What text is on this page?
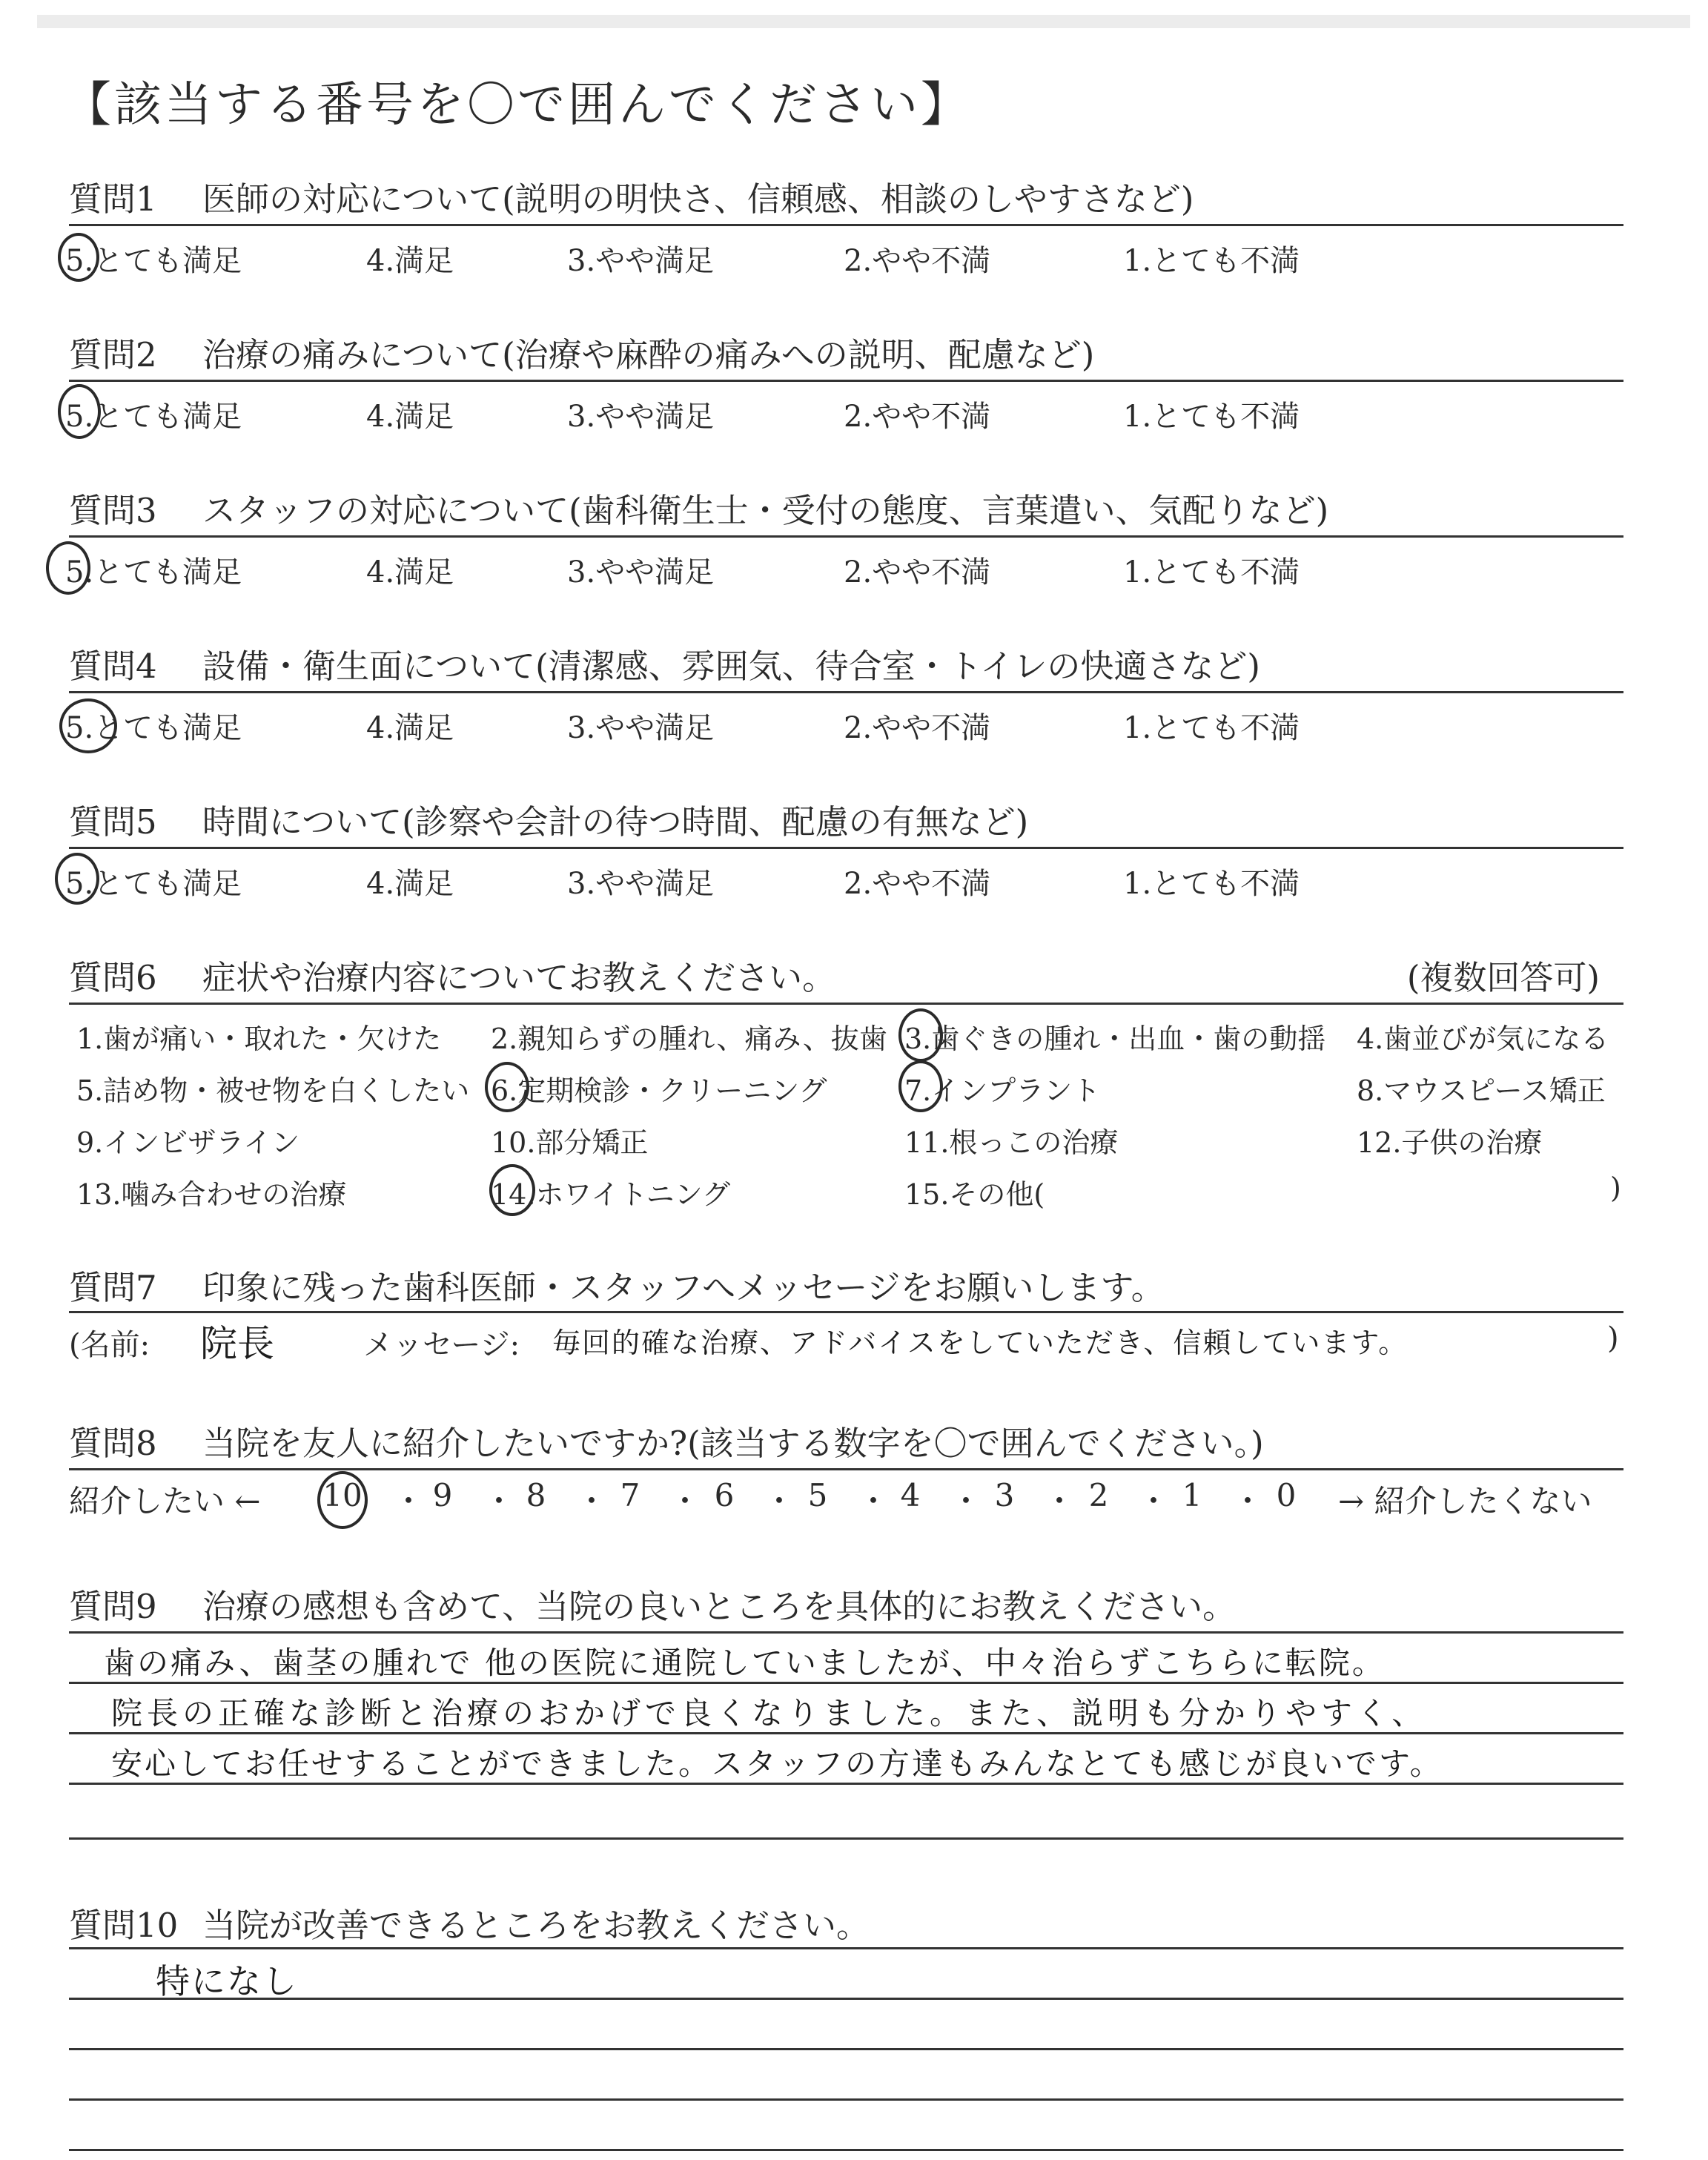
【該当する番号を〇で囲んでください】
質問1 医師の対応について(説明の明快さ、信頼感、相談のしやすさなど)
5.とても満足	4.満足	3.やや満足	2.やや不満	1.とても不満
質問2 治療の痛みについて(治療や麻酔の痛みへの説明、配慮など)
5.とても満足	4.満足	3.やや満足	2.やや不満	1.とても不満
質問3 スタッフの対応について(歯科衛生士・受付の態度、言葉遣い、気配りなど)
5.とても満足	4.満足	3.やや満足	2.やや不満	1.とても不満
質問4 設備・衛生面について(清潔感、雰囲気、待合室・トイレの快適さなど)
5.とても満足	4.満足	3.やや満足	2.やや不満	1.とても不満
質問5 時間について(診察や会計の待つ時間、配慮の有無など)
5.とても満足	4.満足	3.やや満足	2.やや不満	1.とても不満
質問6 症状や治療内容についてお教えください。	(複数回答可)
1.歯が痛い・取れた・欠けた 2.親知らずの腫れ、痛み、抜歯 3.歯ぐきの腫れ・出血・歯の動揺 4.歯並びが気になる
5.詰め物・被せ物を白くしたい 6.定期検診・クリーニング	7.インプラント	8.マウスピース矯正
9.インビザライン	10.部分矯正	11.根っこの治療	12.子供の治療
13.噛み合わせの治療	14.ホワイトニング	15.その他(	)
質問7 印象に残った歯科医師・スタッフへメッセージをお願いします。
(名前: 院長	メッセージ: 毎回的確な治療、アドバイスをしていただき、信頼しています。	)
質問8 当院を友人に紹介したいですか?(該当する数字を〇で囲んでください。)
紹介したい ←	→ 紹介したくない
10 ・ 9 ・ 8 ・ 7 ・ 6 ・ 5 ・ 4 ・ 3 ・ 2 ・ 1 ・ 0
質問9 治療の感想も含めて、当院の良いところを具体的にお教えください。
歯の痛み、歯茎の腫れで 他の医院に通院していましたが、中々治らずこちらに転院。
院長の正確な診断と治療のおかげで良くなりました。また、説明も分かりやすく、
安心してお任せすることができました。スタッフの方達もみんなとても感じが良いです。
質問10 当院が改善できるところをお教えください。
特になし
